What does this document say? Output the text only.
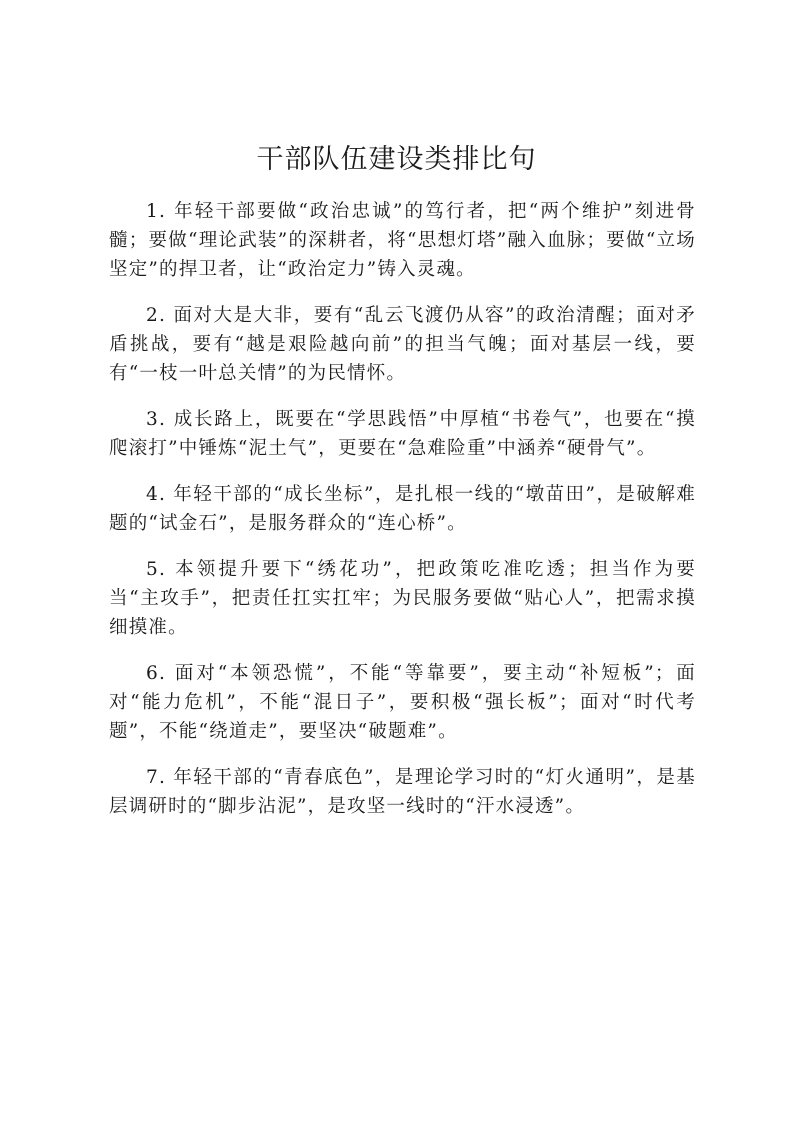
干部队伍建设类排比句

1. 年轻干部要做“政治忠诚”的笃行者，把“两个维护”刻进骨髓；要做“理论武装”的深耕者，将“思想灯塔”融入血脉；要做“立场坚定”的捍卫者，让“政治定力”铸入灵魂。

2. 面对大是大非，要有“乱云飞渡仍从容”的政治清醒；面对矛盾挑战，要有“越是艰险越向前”的担当气魄；面对基层一线，要有“一枝一叶总关情”的为民情怀。

3. 成长路上，既要在“学思践悟”中厚植“书卷气”，也要在“摸爬滚打”中锤炼“泥土气”，更要在“急难险重”中涵养“硬骨气”。

4. 年轻干部的“成长坐标”，是扎根一线的“墩苗田”，是破解难题的“试金石”，是服务群众的“连心桥”。

5. 本领提升要下“绣花功”，把政策吃准吃透；担当作为要当“主攻手”，把责任扛实扛牢；为民服务要做“贴心人”，把需求摸细摸准。

6. 面对“本领恐慌”，不能“等靠要”，要主动“补短板”；面对“能力危机”，不能“混日子”，要积极“强长板”；面对“时代考题”，不能“绕道走”，要坚决“破题难”。

7. 年轻干部的“青春底色”，是理论学习时的“灯火通明”，是基层调研时的“脚步沾泥”，是攻坚一线时的“汗水浸透”。
